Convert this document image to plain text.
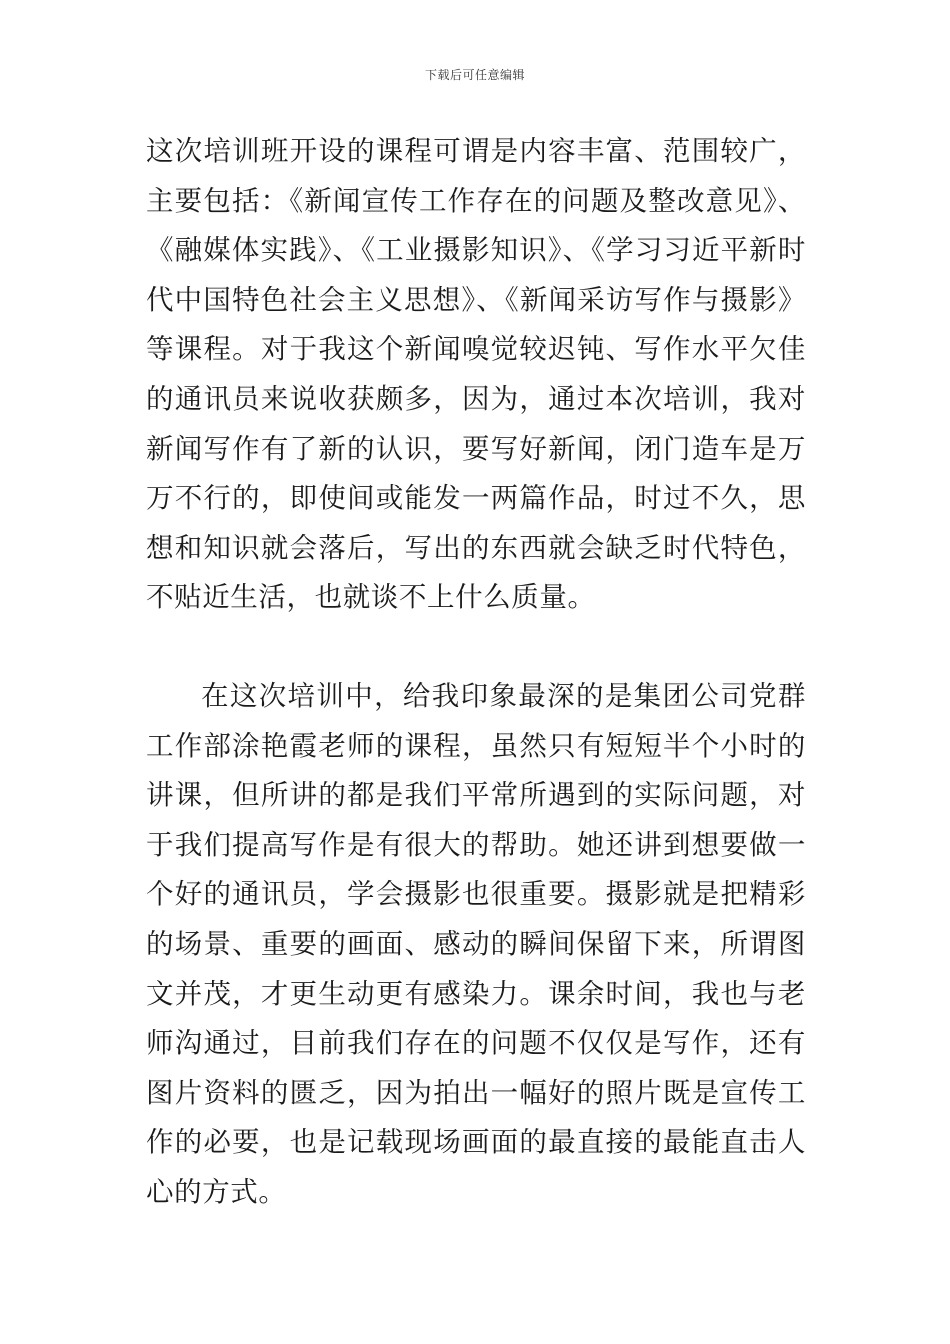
下载后可任意编辑

这次培训班开设的课程可谓是内容丰富、范围较广，主要包括：《新闻宣传工作存在的问题及整改意见》、《融媒体实践》、《工业摄影知识》、《学习习近平新时代中国特色社会主义思想》、《新闻采访写作与摄影》等课程。对于我这个新闻嗅觉较迟钝、写作水平欠佳的通讯员来说收获颇多，因为，通过本次培训，我对新闻写作有了新的认识，要写好新闻，闭门造车是万万不行的，即使间或能发一两篇作品，时过不久，思想和知识就会落后，写出的东西就会缺乏时代特色，不贴近生活，也就谈不上什么质量。

在这次培训中，给我印象最深的是集团公司党群工作部涂艳霞老师的课程，虽然只有短短半个小时的讲课，但所讲的都是我们平常所遇到的实际问题，对于我们提高写作是有很大的帮助。她还讲到想要做一个好的通讯员，学会摄影也很重要。摄影就是把精彩的场景、重要的画面、感动的瞬间保留下来，所谓图文并茂，才更生动更有感染力。课余时间，我也与老师沟通过，目前我们存在的问题不仅仅是写作，还有图片资料的匮乏，因为拍出一幅好的照片既是宣传工作的必要，也是记载现场画面的最直接的最能直击人心的方式。
